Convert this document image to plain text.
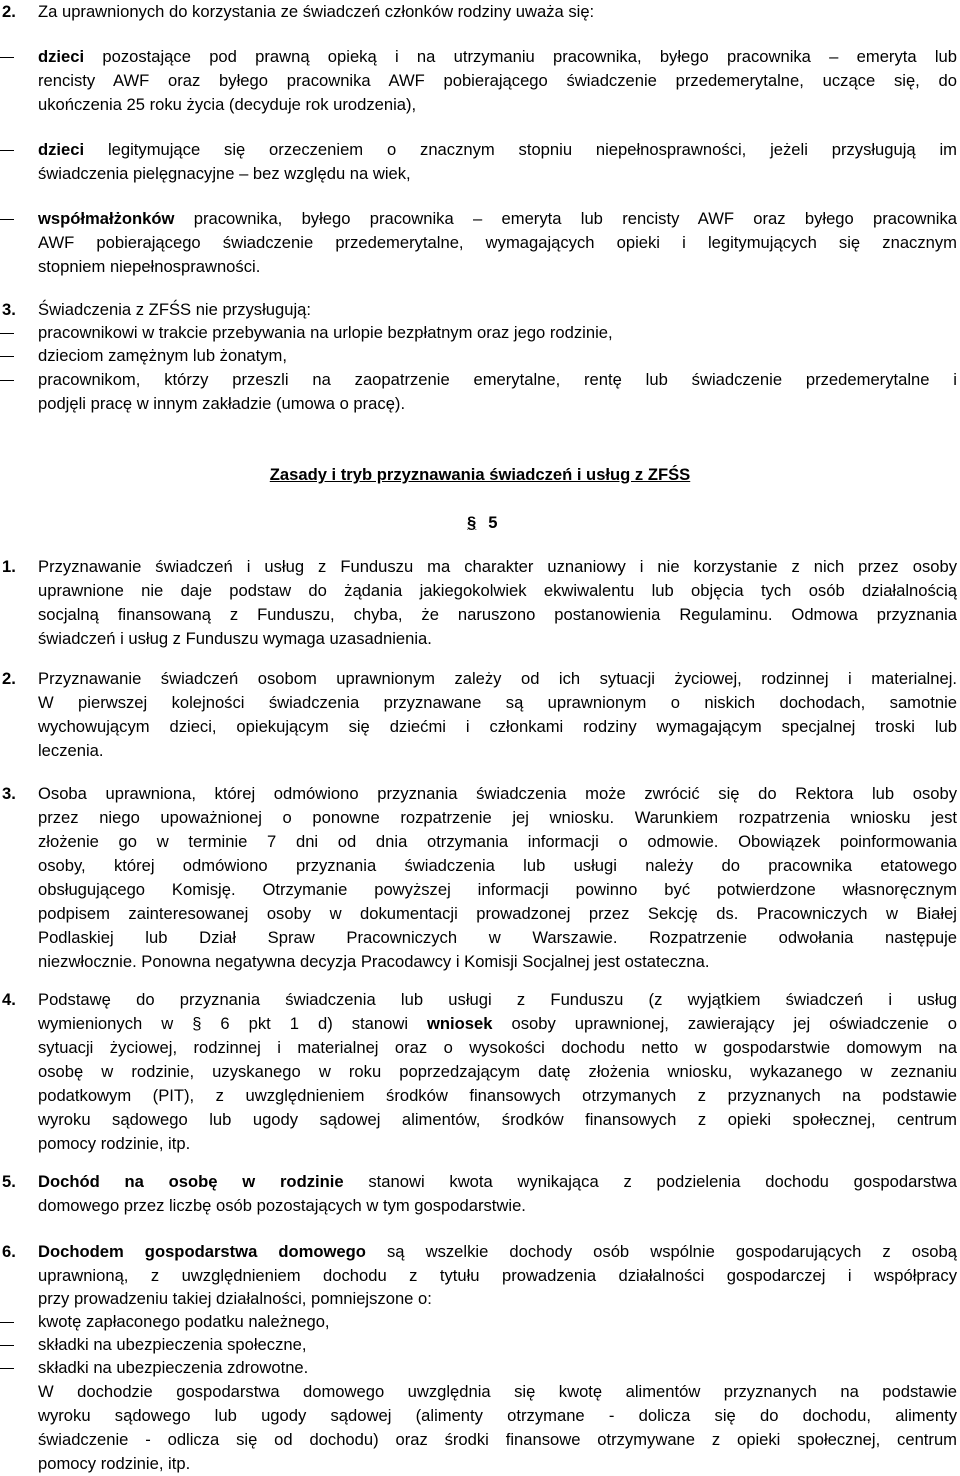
2. Za uprawnionych do korzystania ze świadczeń członków rodziny uważa się:
dzieci pozostające pod prawną opieką i na utrzymaniu pracownika, byłego pracownika – emeryta lub
rencisty AWF oraz byłego pracownika AWF pobierającego świadczenie przedemerytalne, uczące się, do
ukończenia 25 roku życia (decyduje rok urodzenia),
dzieci legitymujące się orzeczeniem o znacznym stopniu niepełnosprawności, jeżeli przysługują im
świadczenia pielęgnacyjne – bez względu na wiek,
współmałżonków pracownika, byłego pracownika – emeryta lub rencisty AWF oraz byłego pracownika
AWF pobierającego świadczenie przedemerytalne, wymagających opieki i legitymujących się znacznym
stopniem niepełnosprawności.
3. Świadczenia z ZFŚS nie przysługują:
pracownikowi w trakcie przebywania na urlopie bezpłatnym oraz jego rodzinie,
dzieciom zamężnym lub żonatym,
pracownikom, którzy przeszli na zaopatrzenie emerytalne, rentę lub świadczenie przedemerytalne i
podjęli pracę w innym zakładzie (umowa o pracę).
Zasady i tryb przyznawania świadczeń i usług z ZFŚS
§ 5
1. Przyznawanie świadczeń i usług z Funduszu ma charakter uznaniowy i nie korzystanie z nich przez osoby
uprawnione nie daje podstaw do żądania jakiegokolwiek ekwiwalentu lub objęcia tych osób działalnością
socjalną finansowaną z Funduszu, chyba, że naruszono postanowienia Regulaminu. Odmowa przyznania
świadczeń i usług z Funduszu wymaga uzasadnienia.
2. Przyznawanie świadczeń osobom uprawnionym zależy od ich sytuacji życiowej, rodzinnej i materialnej.
W pierwszej kolejności świadczenia przyznawane są uprawnionym o niskich dochodach, samotnie
wychowującym dzieci, opiekującym się dziećmi i członkami rodziny wymagającym specjalnej troski lub
leczenia.
3. Osoba uprawniona, której odmówiono przyznania świadczenia może zwrócić się do Rektora lub osoby
przez niego upoważnionej o ponowne rozpatrzenie jej wniosku. Warunkiem rozpatrzenia wniosku jest
złożenie go w terminie 7 dni od dnia otrzymania informacji o odmowie. Obowiązek poinformowania
osoby, której odmówiono przyznania świadczenia lub usługi należy do pracownika etatowego
obsługującego Komisję. Otrzymanie powyższej informacji powinno być potwierdzone własnoręcznym
podpisem zainteresowanej osoby w dokumentacji prowadzonej przez Sekcję ds. Pracowniczych w Białej
Podlaskiej lub Dział Spraw Pracowniczych w Warszawie. Rozpatrzenie odwołania następuje
niezwłocznie. Ponowna negatywna decyzja Pracodawcy i Komisji Socjalnej jest ostateczna.
4. Podstawę do przyznania świadczenia lub usługi z Funduszu (z wyjątkiem świadczeń i usług
wymienionych w § 6 pkt 1 d) stanowi wniosek osoby uprawnionej, zawierający jej oświadczenie o
sytuacji życiowej, rodzinnej i materialnej oraz o wysokości dochodu netto w gospodarstwie domowym na
osobę w rodzinie, uzyskanego w roku poprzedzającym datę złożenia wniosku, wykazanego w zeznaniu
podatkowym (PIT), z uwzględnieniem środków finansowych otrzymanych z przyznanych na podstawie
wyroku sądowego lub ugody sądowej alimentów, środków finansowych z opieki społecznej, centrum
pomocy rodzinie, itp.
5. Dochód na osobę w rodzinie stanowi kwota wynikająca z podzielenia dochodu gospodarstwa
domowego przez liczbę osób pozostających w tym gospodarstwie.
6. Dochodem gospodarstwa domowego są wszelkie dochody osób wspólnie gospodarujących z osobą
uprawnioną, z uwzględnieniem dochodu z tytułu prowadzenia działalności gospodarczej i współpracy
przy prowadzeniu takiej działalności, pomniejszone o:
kwotę zapłaconego podatku należnego,
składki na ubezpieczenia społeczne,
składki na ubezpieczenia zdrowotne.
W dochodzie gospodarstwa domowego uwzględnia się kwotę alimentów przyznanych na podstawie
wyroku sądowego lub ugody sądowej (alimenty otrzymane - dolicza się do dochodu, alimenty
świadczenie - odlicza się od dochodu) oraz środki finansowe otrzymywane z opieki społecznej, centrum
pomocy rodzinie, itp.
